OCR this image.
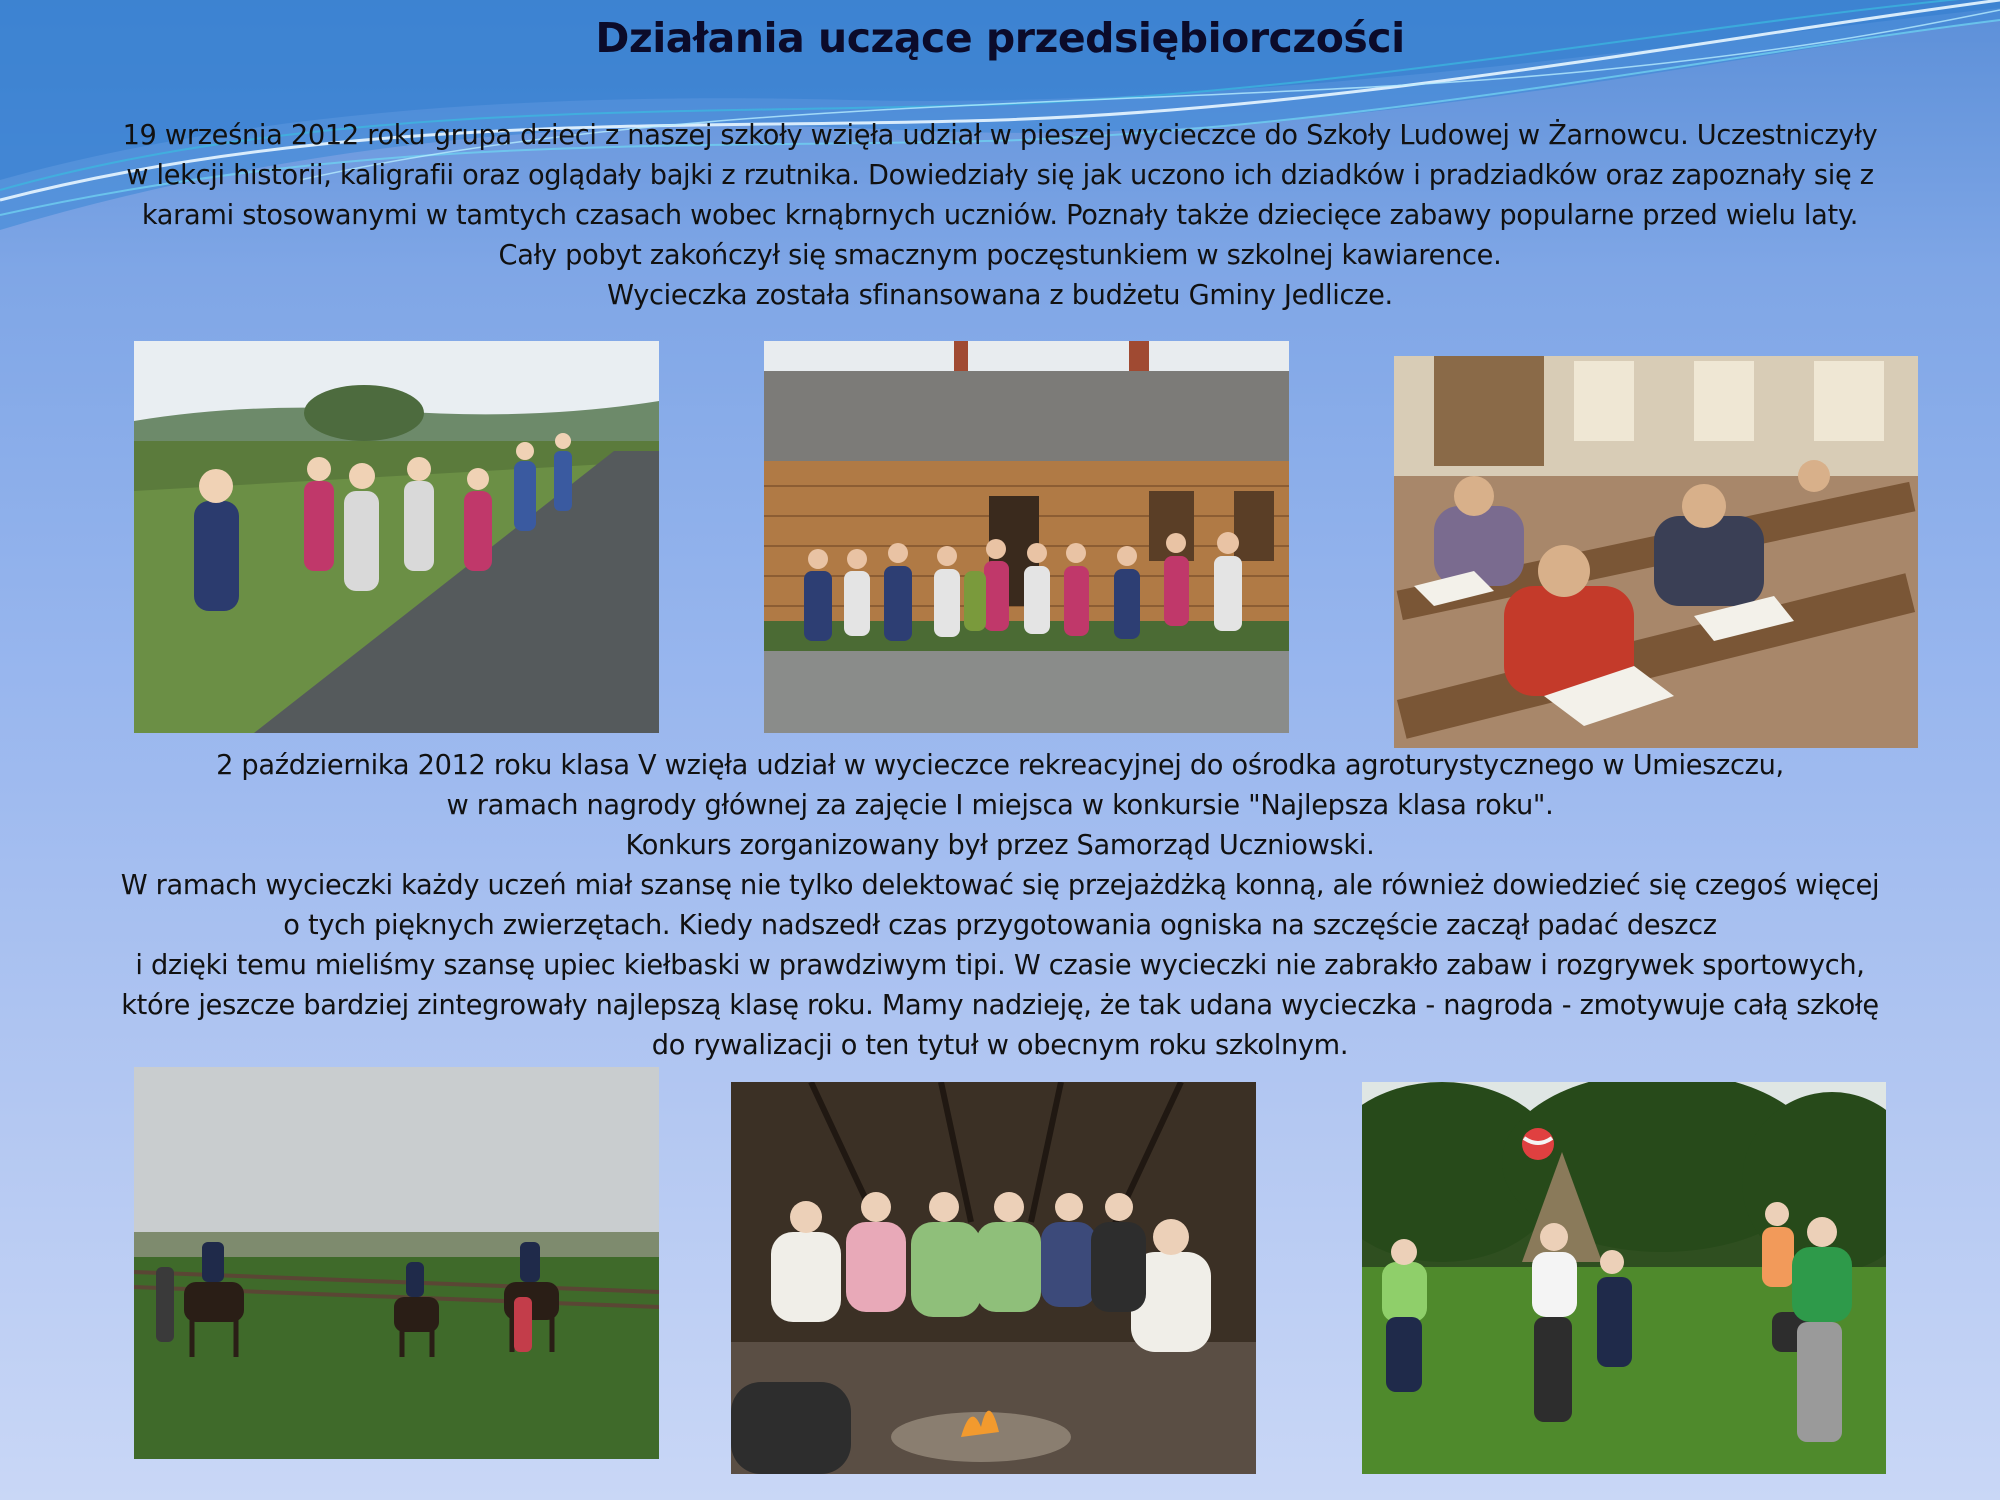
Działania uczące przedsiębiorczości
19 września 2012 roku grupa dzieci z naszej szkoły wzięła udział w pieszej wycieczce do Szkoły Ludowej w Żarnowcu. Uczestniczyły
w lekcji historii, kaligrafii oraz oglądały bajki z rzutnika. Dowiedziały się jak uczono ich dziadków i pradziadków oraz zapoznały się z
karami stosowanymi w tamtych czasach wobec krnąbrnych uczniów. Poznały także dziecięce zabawy popularne przed wielu laty.
Cały pobyt zakończył się smacznym poczęstunkiem w szkolnej kawiarence.
Wycieczka została sfinansowana z budżetu Gminy Jedlicze.
2 października 2012 roku klasa V wzięła udział w wycieczce rekreacyjnej do ośrodka agroturystycznego w Umieszczu,
w ramach nagrody głównej za zajęcie I miejsca w konkursie "Najlepsza klasa roku".
Konkurs zorganizowany był przez Samorząd Uczniowski.
W ramach wycieczki każdy uczeń miał szansę nie tylko delektować się przejażdżką konną, ale również dowiedzieć się czegoś więcej
o tych pięknych zwierzętach. Kiedy nadszedł czas przygotowania ogniska na szczęście zaczął padać deszcz
i dzięki temu mieliśmy szansę upiec kiełbaski w prawdziwym tipi. W czasie wycieczki nie zabrakło zabaw i rozgrywek sportowych,
które jeszcze bardziej zintegrowały najlepszą klasę roku. Mamy nadzieję, że tak udana wycieczka - nagroda - zmotywuje całą szkołę
do rywalizacji o ten tytuł w obecnym roku szkolnym.
